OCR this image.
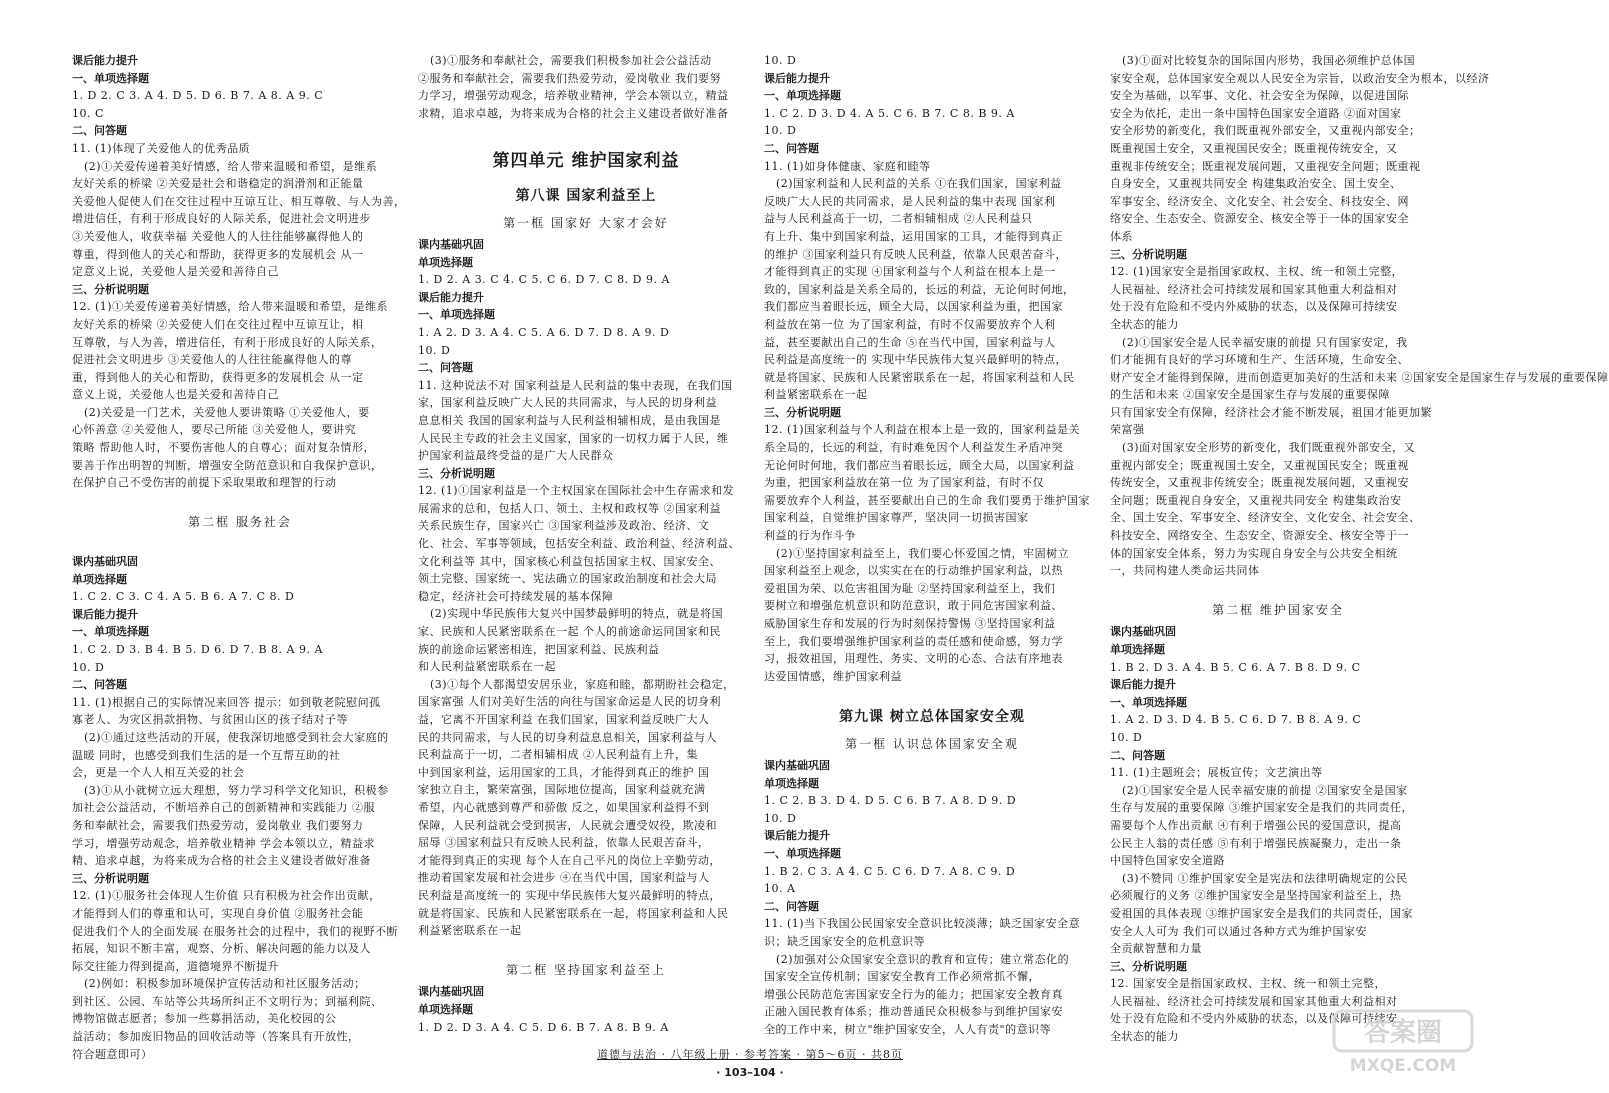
课后能力提升
一、单项选择题
1. D 2. C 3. A 4. D 5. D 6. B 7. A 8. A 9. C
10. C
二、问答题
11. (1)体现了关爱他人的优秀品质
(2)①关爱传递着美好情感，给人带来温暖和希望，是维系
友好关系的桥梁 ②关爱是社会和谐稳定的润滑剂和正能量
关爱他人促使人们在交往过程中互谅互让、相互尊敬、与人为善，
增进信任，有利于形成良好的人际关系，促进社会文明进步
③关爱他人，收获幸福 关爱他人的人往往能够赢得他人的
尊重，得到他人的关心和帮助，获得更多的发展机会 从一
定意义上说，关爱他人是关爱和善待自己
三、分析说明题
12. (1)①关爱传递着美好情感，给人带来温暖和希望，是维系
友好关系的桥梁 ②关爱使人们在交往过程中互谅互让，相
互尊敬，与人为善，增进信任，有利于形成良好的人际关系，
促进社会文明进步 ③关爱他人的人往往能赢得他人的尊
重，得到他人的关心和帮助，获得更多的发展机会 从一定
意义上说，关爱他人也是关爱和善待自己
(2)关爱是一门艺术，关爱他人要讲策略 ①关爱他人，要
心怀善意 ②关爱他人，要尽己所能 ③关爱他人，要讲究
策略 帮助他人时，不要伤害他人的自尊心；面对复杂情形，
要善于作出明智的判断，增强安全防范意识和自我保护意识，
在保护自己不受伤害的前提下采取果敢和理智的行动
第二框 服务社会
课内基础巩固
单项选择题
1. C 2. C 3. C 4. A 5. B 6. A 7. C 8. D
课后能力提升
一、单项选择题
1. C 2. D 3. B 4. B 5. D 6. D 7. B 8. A 9. A
10. D
二、问答题
11. (1)根据自己的实际情况来回答 提示：如到敬老院慰问孤
寡老人、为灾区捐款捐物、与贫困山区的孩子结对子等
(2)①通过这些活动的开展，使我深切地感受到社会大家庭的
温暖 同时，也感受到我们生活的是一个互帮互助的社
会，更是一个人人相互关爱的社会
(3)①从小就树立远大理想，努力学习科学文化知识，积极参
加社会公益活动，不断培养自己的创新精神和实践能力 ②服
务和奉献社会，需要我们热爱劳动，爱岗敬业 我们要努力
学习，增强劳动观念，培养敬业精神 学会本领以立，精益求
精、追求卓越，为将来成为合格的社会主义建设者做好准备
三、分析说明题
12. (1)①服务社会体现人生价值 只有积极为社会作出贡献，
才能得到人们的尊重和认可，实现自身价值 ②服务社会能
促进我们个人的全面发展 在服务社会的过程中，我们的视野不断
拓展，知识不断丰富，观察、分析、解决问题的能力以及人
际交往能力得到提高，道德境界不断提升
(2)例如：积极参加环境保护宣传活动和社区服务活动；
到社区、公园、车站等公共场所纠正不文明行为；到福利院、
博物馆做志愿者；参加一些募捐活动，美化校园的公
益活动；参加废旧物品的回收活动等（答案具有开放性，
符合题意即可）
(3)①服务和奉献社会，需要我们积极参加社会公益活动
②服务和奉献社会，需要我们热爱劳动，爱岗敬业 我们要努
力学习，增强劳动观念，培养敬业精神，学会本领以立，精益
求精，追求卓越，为将来成为合格的社会主义建设者做好准备
第四单元 维护国家利益
第八课 国家利益至上
第一框 国家好 大家才会好
课内基础巩固
单项选择题
1. D 2. A 3. C 4. C 5. C 6. D 7. C 8. D 9. A
课后能力提升
一、单项选择题
1. A 2. D 3. A 4. C 5. A 6. D 7. D 8. A 9. D
10. D
二、问答题
11. 这种说法不对 国家利益是人民利益的集中表现，在我们国
家，国家利益反映广大人民的共同需求，与人民的切身利益
息息相关 我国的国家利益与人民利益相辅相成，是由我国是
人民民主专政的社会主义国家，国家的一切权力属于人民，维
护国家利益最终受益的是广大人民群众
三、分析说明题
12. (1)①国家利益是一个主权国家在国际社会中生存需求和发
展需求的总和，包括人口、领土、主权和政权等 ②国家利益
关系民族生存，国家兴亡 ③国家利益涉及政治、经济、文
化、社会、军事等领域，包括安全利益、政治利益、经济利益、
文化利益等 其中，国家核心利益包括国家主权、国家安全、
领土完整、国家统一、宪法确立的国家政治制度和社会大局
稳定，经济社会可持续发展的基本保障
(2)实现中华民族伟大复兴中国梦最鲜明的特点，就是将国
家、民族和人民紧密联系在一起 个人的前途命运同国家和民
族的前途命运紧密相连，把国家利益、民族利益
和人民利益紧密联系在一起
(3)①每个人都渴望安居乐业，家庭和睦，都期盼社会稳定，
国家富强 人们对美好生活的向往与国家命运是人民的切身利
益，它离不开国家利益 在我们国家，国家利益反映广大人
民的共同需求，与人民的切身利益息息相关，国家利益与人
民利益高于一切，二者相辅相成 ②人民利益有上升，集
中到国家利益，运用国家的工具，才能得到真正的维护 国
家独立自主，繁荣富强，国际地位提高，国家利益就充满
希望，内心就感到尊严和骄傲 反之，如果国家利益得不到
保障，人民利益就会受到损害，人民就会遭受奴役，欺凌和
屈辱 ③国家利益只有反映人民利益，依靠人民艰苦奋斗，
才能得到真正的实现 每个人在自己平凡的岗位上辛勤劳动，
推动着国家发展和社会进步 ④在当代中国，国家利益与人
民利益是高度统一的 实现中华民族伟大复兴最鲜明的特点，
就是将国家、民族和人民紧密联系在一起，将国家利益和人民
利益紧密联系在一起
第二框 坚持国家利益至上
课内基础巩固
单项选择题
1. D 2. D 3. A 4. C 5. D 6. B 7. A 8. B 9. A
10. D
课后能力提升
一、单项选择题
1. C 2. D 3. D 4. A 5. C 6. B 7. C 8. B 9. A
10. D
二、问答题
11. (1)如身体健康、家庭和睦等
(2)国家利益和人民利益的关系 ①在我们国家，国家利益
反映广大人民的共同需求，是人民利益的集中表现 国家利
益与人民利益高于一切，二者相辅相成 ②人民利益只
有上升、集中到国家利益，运用国家的工具，才能得到真正
的维护 ③国家利益只有反映人民利益，依靠人民艰苦奋斗，
才能得到真正的实现 ④国家利益与个人利益在根本上是一
致的，国家利益是关系全局的，长远的利益，无论何时何地，
我们都应当着眼长远，顾全大局，以国家利益为重，把国家
利益放在第一位 为了国家利益，有时不仅需要放弃个人利
益，甚至要献出自己的生命 ⑤在当代中国，国家利益与人
民利益是高度统一的 实现中华民族伟大复兴最鲜明的特点，
就是将国家、民族和人民紧密联系在一起，将国家利益和人民
利益紧密联系在一起
三、分析说明题
12. (1)国家利益与个人利益在根本上是一致的，国家利益是关
系全局的，长远的利益，有时难免因个人利益发生矛盾冲突
无论何时何地，我们都应当着眼长远，顾全大局，以国家利益
为重，把国家利益放在第一位 为了国家利益，有时不仅
需要放弃个人利益，甚至要献出自己的生命 我们要勇于维护国家
国家利益，自觉维护国家尊严，坚决同一切损害国家
利益的行为作斗争
(2)①坚持国家利益至上，我们要心怀爱国之情，牢固树立
国家利益至上观念，以实实在在的行动维护国家利益，以热
爱祖国为荣、以危害祖国为耻 ②坚持国家利益至上，我们
要树立和增强危机意识和防范意识，敢于同危害国家利益、
威胁国家生存和发展的行为时刻保持警惕 ③坚持国家利益
至上，我们要增强维护国家利益的责任感和使命感，努力学
习，报效祖国，用理性、务实、文明的心态、合法有序地表
达爱国情感，维护国家利益
第九课 树立总体国家安全观
第一框 认识总体国家安全观
课内基础巩固
单项选择题
1. C 2. B 3. D 4. D 5. C 6. B 7. A 8. D 9. D
10. D
课后能力提升
一、单项选择题
1. B 2. C 3. A 4. C 5. C 6. D 7. A 8. C 9. D
10. A
二、问答题
11. (1)当下我国公民国家安全意识比较淡薄；缺乏国家安全意
识；缺乏国家安全的危机意识等
(2)加强对公众国家安全意识的教育和宣传；建立常态化的
国家安全宣传机制；国家安全教育工作必须常抓不懈，
增强公民防范危害国家安全行为的能力；把国家安全教育真
正融入国民教育体系；推动普通民众积极参与到维护国家安
全的工作中来，树立"维护国家安全，人人有责"的意识等
(3)①面对比较复杂的国际国内形势，我国必须维护总体国
家安全观，总体国家安全观以人民安全为宗旨，以政治安全为根本，以经济
安全为基础，以军事、文化、社会安全为保障，以促进国际
安全为依托，走出一条中国特色国家安全道路 ②面对国家
安全形势的新变化，我们既重视外部安全，又重视内部安全；
既重视国土安全，又重视国民安全；既重视传统安全，又
重视非传统安全；既重视发展问题，又重视安全问题；既重视
自身安全，又重视共同安全 构建集政治安全、国土安全、
军事安全、经济安全、文化安全、社会安全、科技安全、网
络安全、生态安全、资源安全、核安全等于一体的国家安全
体系
三、分析说明题
12. (1)国家安全是指国家政权、主权、统一和领土完整，
人民福祉、经济社会可持续发展和国家其他重大利益相对
处于没有危险和不受内外威胁的状态，以及保障可持续安
全状态的能力
(2)①国家安全是人民幸福安康的前提 只有国家安定，我
们才能拥有良好的学习环境和生产、生活环境，生命安全、
财产安全才能得到保障，进而创造更加美好的生活和未来 ②国家安全是国家生存与发展的重要保障
的生活和未来 ②国家安全是国家生存与发展的重要保障
只有国家安全有保障，经济社会才能不断发展，祖国才能更加繁
荣富强
(3)面对国家安全形势的新变化，我们既重视外部安全，又
重视内部安全；既重视国土安全，又重视国民安全；既重视
传统安全，又重视非传统安全；既重视发展问题，又重视安
全问题；既重视自身安全，又重视共同安全 构建集政治安
全、国土安全、军事安全、经济安全、文化安全、社会安全、
科技安全、网络安全、生态安全、资源安全、核安全等于一
体的国家安全体系，努力为实现自身安全与公共安全相统
一，共同构建人类命运共同体
第二框 维护国家安全
课内基础巩固
单项选择题
1. B 2. D 3. A 4. B 5. C 6. A 7. B 8. D 9. C
课后能力提升
一、单项选择题
1. A 2. D 3. D 4. B 5. C 6. D 7. B 8. A 9. C
10. D
二、问答题
11. (1)主题班会；展板宣传；文艺演出等
(2)①国家安全是人民幸福安康的前提 ②国家安全是国家
生存与发展的重要保障 ③维护国家安全是我们的共同责任，
需要每个人作出贡献 ④有利于增强公民的爱国意识，提高
公民主人翁的责任感 ⑤有利于增强民族凝聚力，走出一条
中国特色国家安全道路
(3)不赞同 ①维护国家安全是宪法和法律明确规定的公民
必须履行的义务 ②维护国家安全是坚持国家利益至上，热
爱祖国的具体表现 ③维护国家安全是我们的共同责任，国家
安全人人可为 我们可以通过各种方式为维护国家安
全贡献智慧和力量
三、分析说明题
12. 国家安全是指国家政权、主权、统一和领土完整，
人民福祉、经济社会可持续发展和国家其他重大利益相对
处于没有危险和不受内外威胁的状态，以及保障可持续安
全状态的能力
道德与法治 · 八年级上册 · 参考答案 · 第5～6页 · 共8页
· 103–104 ·
答案圈
MXQE.COM
